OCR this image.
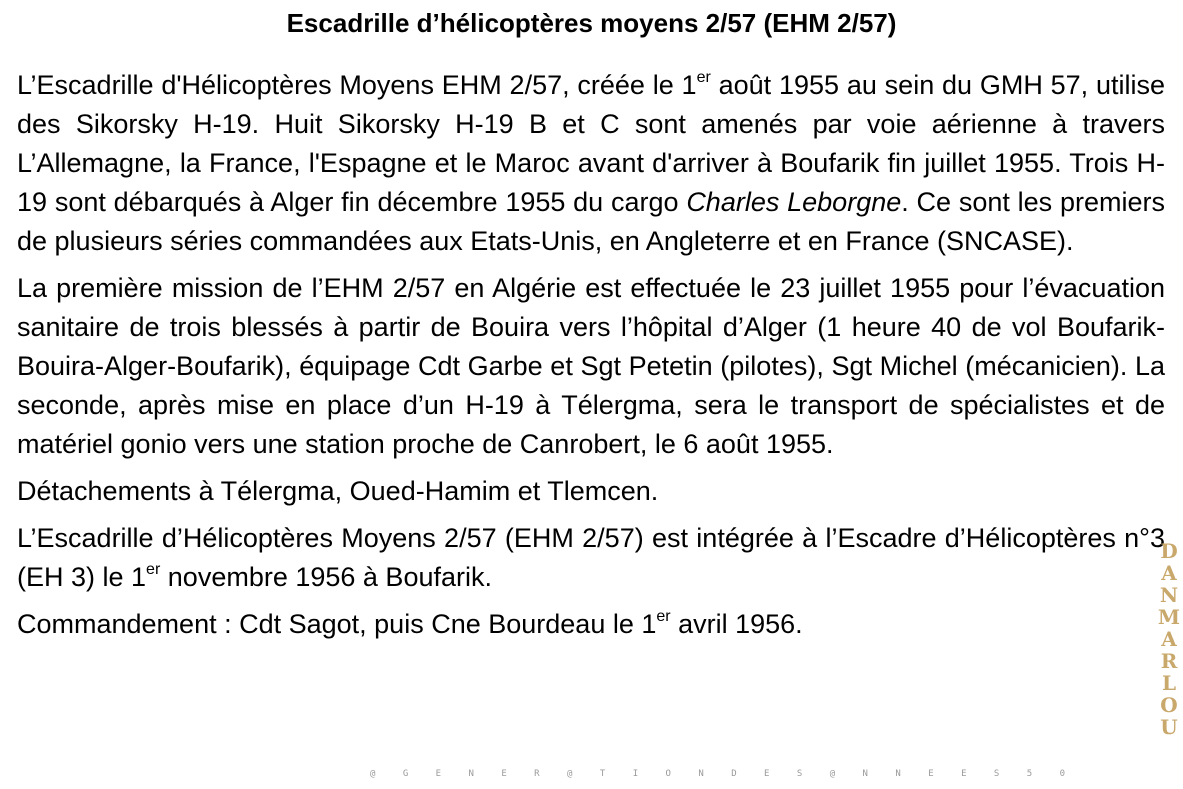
Escadrille d’hélicoptères moyens 2/57 (EHM 2/57)

L’Escadrille d'Hélicoptères Moyens EHM 2/57, créée le 1er août 1955 au sein du GMH 57, utilise des Sikorsky H-19. Huit Sikorsky H-19 B et C sont amenés par voie aérienne à travers L’Allemagne, la France, l'Espagne et le Maroc avant d'arriver à Boufarik fin juillet 1955. Trois H-19 sont débarqués à Alger fin décembre 1955 du cargo Charles Leborgne. Ce sont les premiers de plusieurs séries commandées aux Etats-Unis, en Angleterre et en France (SNCASE).

La première mission de l’EHM 2/57 en Algérie est effectuée le 23 juillet 1955 pour l’évacuation sanitaire de trois blessés à partir de Bouira vers l’hôpital d’Alger (1 heure 40 de vol Boufarik-Bouira-Alger-Boufarik), équipage Cdt Garbe et Sgt Petetin (pilotes), Sgt Michel (mécanicien). La seconde, après mise en place d’un H-19 à Télergma, sera le transport de spécialistes et de matériel gonio vers une station proche de Canrobert, le 6 août 1955.

Détachements à Télergma, Oued-Hamim et Tlemcen.

L’Escadrille d’Hélicoptères Moyens 2/57 (EHM 2/57) est intégrée à l’Escadre d’Hélicoptères n°3 (EH 3) le 1er novembre 1956 à Boufarik.

Commandement : Cdt Sagot, puis Cne Bourdeau le 1er avril 1956.

DANMARLOU
@ G E N E R @ T I O N D E S @ N N E E S 5 0
